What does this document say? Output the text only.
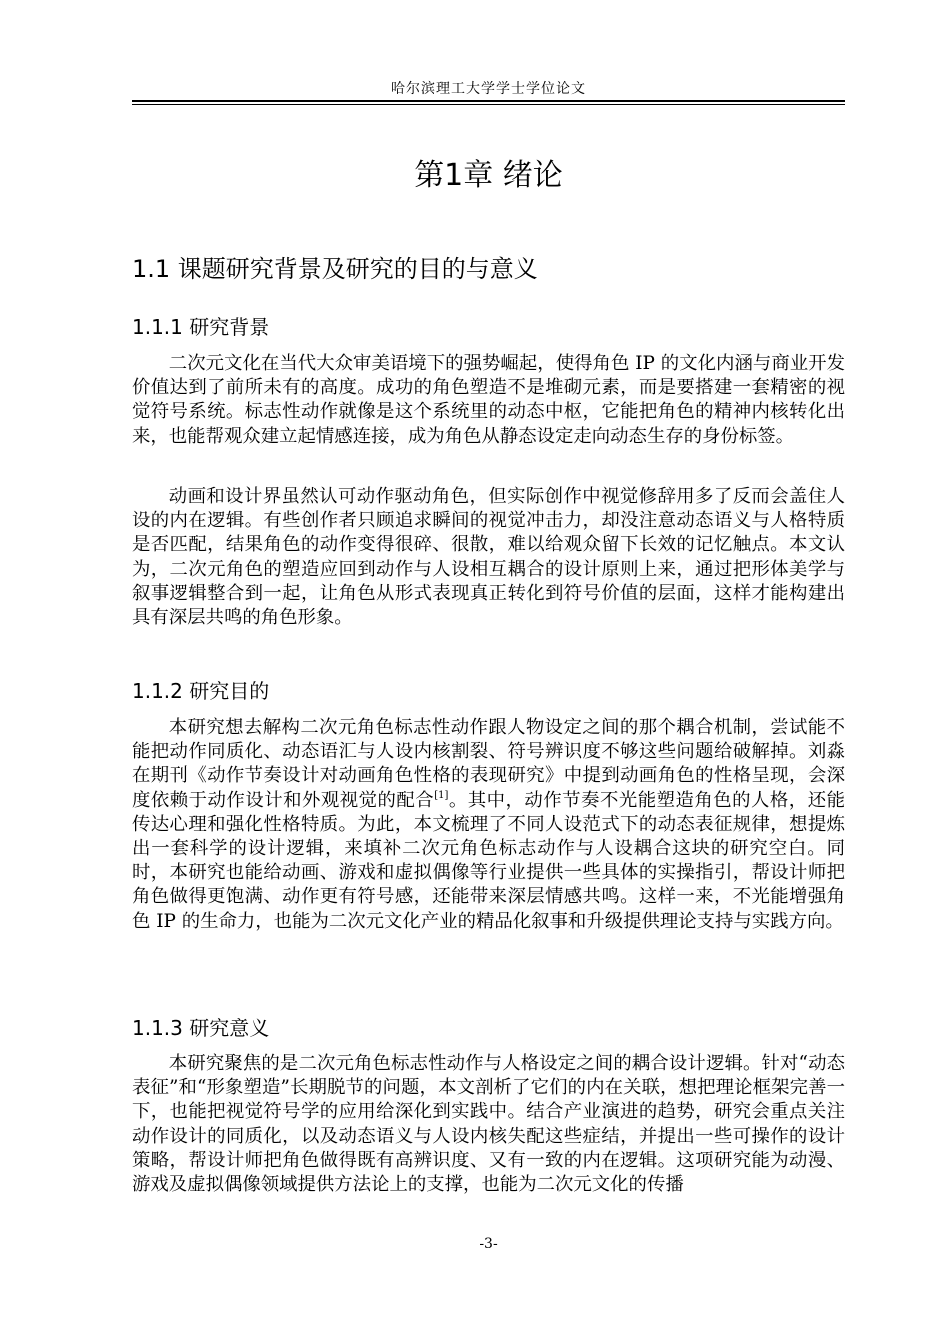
哈尔滨理工大学学士学位论文
第1章 绪论
1.1 课题研究背景及研究的目的与意义
1.1.1 研究背景

二次元文化在当代大众审美语境下的强势崛起，使得角色 IP 的文化内涵与商业开发价值达到了前所未有的高度。成功的角色塑造不是堆砌元素，而是要搭建一套精密的视觉符号系统。标志性动作就像是这个系统里的动态中枢，它能把角色的精神内核转化出来，也能帮观众建立起情感连接，成为角色从静态设定走向动态生存的身份标签。

动画和设计界虽然认可动作驱动角色，但实际创作中视觉修辞用多了反而会盖住人设的内在逻辑。有些创作者只顾追求瞬间的视觉冲击力，却没注意动态语义与人格特质是否匹配，结果角色的动作变得很碎、很散，难以给观众留下长效的记忆触点。本文认为，二次元角色的塑造应回到动作与人设相互耦合的设计原则上来，通过把形体美学与叙事逻辑整合到一起，让角色从形式表现真正转化到符号价值的层面，这样才能构建出具有深层共鸣的角色形象。

1.1.2 研究目的

本研究想去解构二次元角色标志性动作跟人物设定之间的那个耦合机制，尝试能不能把动作同质化、动态语汇与人设内核割裂、符号辨识度不够这些问题给破解掉。刘淼在期刊《动作节奏设计对动画角色性格的表现研究》中提到动画角色的性格呈现，会深度依赖于动作设计和外观视觉的配合[1]。其中，动作节奏不光能塑造角色的人格，还能传达心理和强化性格特质。为此，本文梳理了不同人设范式下的动态表征规律，想提炼出一套科学的设计逻辑，来填补二次元角色标志动作与人设耦合这块的研究空白。同时，本研究也能给动画、游戏和虚拟偶像等行业提供一些具体的实操指引，帮设计师把角色做得更饱满、动作更有符号感，还能带来深层情感共鸣。这样一来，不光能增强角色 IP 的生命力，也能为二次元文化产业的精品化叙事和升级提供理论支持与实践方向。

1.1.3 研究意义

本研究聚焦的是二次元角色标志性动作与人格设定之间的耦合设计逻辑。针对“动态表征”和“形象塑造”长期脱节的问题，本文剖析了它们的内在关联，想把理论框架完善一下，也能把视觉符号学的应用给深化到实践中。结合产业演进的趋势，研究会重点关注动作设计的同质化，以及动态语义与人设内核失配这些症结，并提出一些可操作的设计策略，帮设计师把角色做得既有高辨识度、又有一致的内在逻辑。这项研究能为动漫、游戏及虚拟偶像领域提供方法论上的支撑，也能为二次元文化的传播

-3-
